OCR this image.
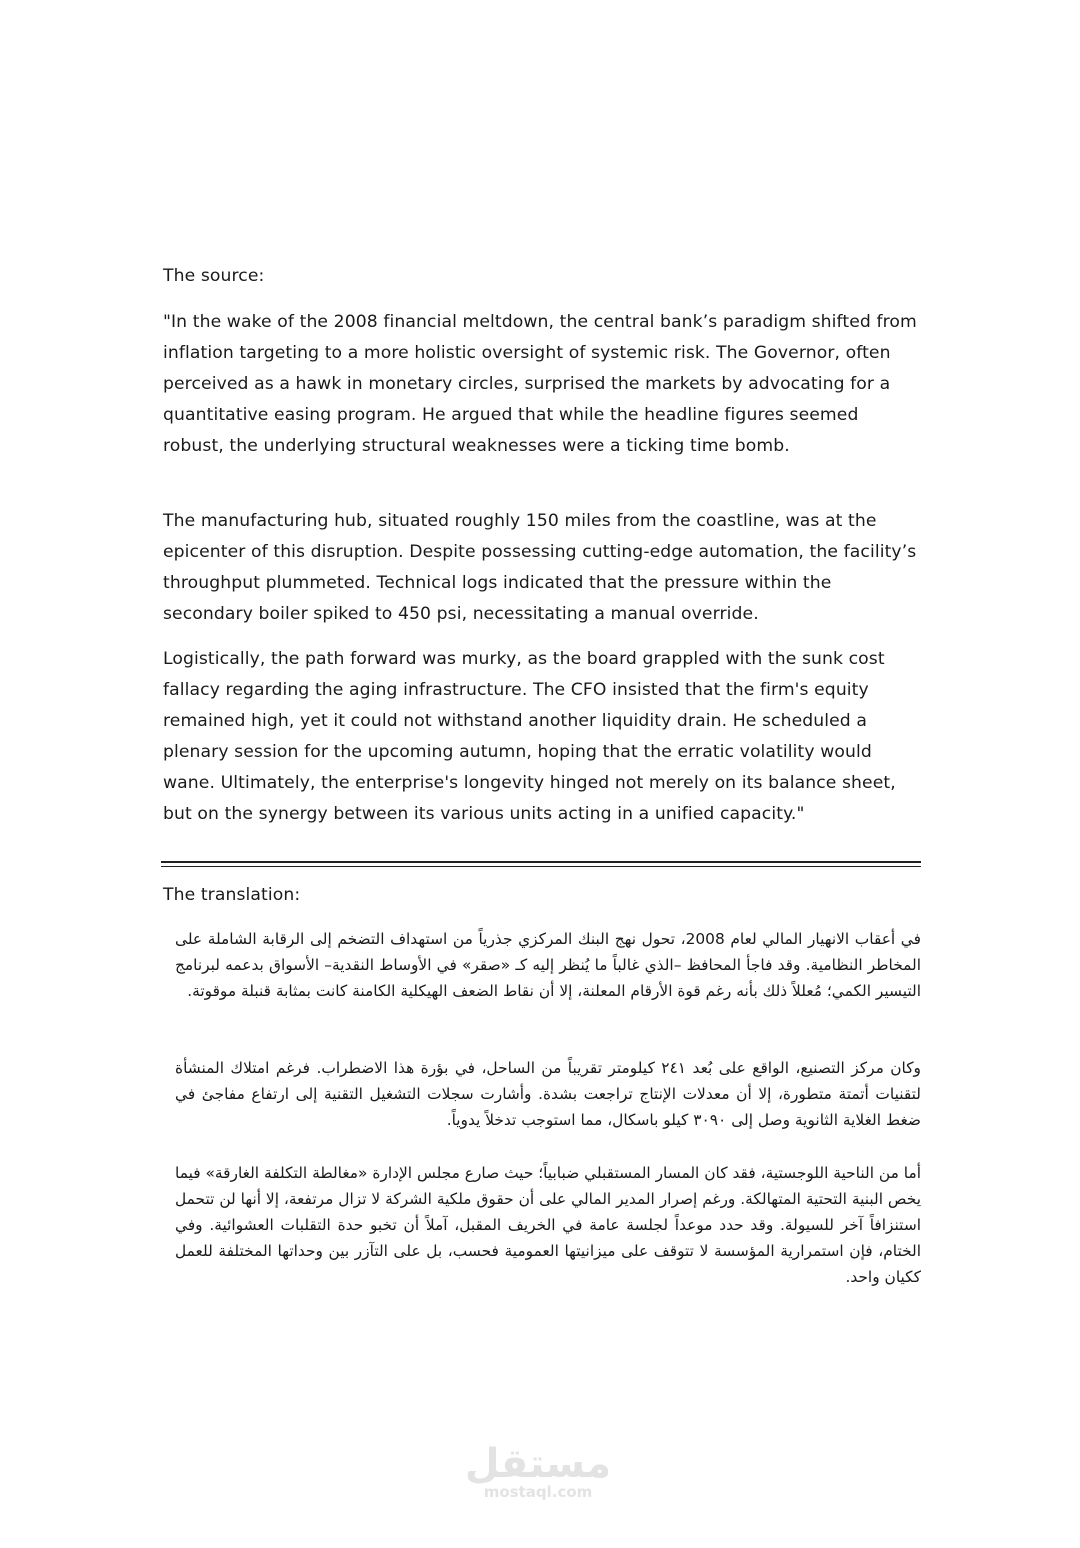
The source:

"In the wake of the 2008 financial meltdown, the central bank’s paradigm shifted from inflation targeting to a more holistic oversight of systemic risk. The Governor, often perceived as a hawk in monetary circles, surprised the markets by advocating for a quantitative easing program. He argued that while the headline figures seemed robust, the underlying structural weaknesses were a ticking time bomb.

The manufacturing hub, situated roughly 150 miles from the coastline, was at the epicenter of this disruption. Despite possessing cutting-edge automation, the facility’s throughput plummeted. Technical logs indicated that the pressure within the secondary boiler spiked to 450 psi, necessitating a manual override.

Logistically, the path forward was murky, as the board grappled with the sunk cost fallacy regarding the aging infrastructure. The CFO insisted that the firm's equity remained high, yet it could not withstand another liquidity drain. He scheduled a plenary session for the upcoming autumn, hoping that the erratic volatility would wane. Ultimately, the enterprise's longevity hinged not merely on its balance sheet, but on the synergy between its various units acting in a unified capacity."

The translation:

في أعقاب الانهيار المالي لعام 2008، تحول نهج البنك المركزي جذرياً من استهداف التضخم إلى الرقابة الشاملة على المخاطر النظامية. وقد فاجأ المحافظ –الذي غالباً ما يُنظر إليه كـ «صقر» في الأوساط النقدية– الأسواق بدعمه لبرنامج التيسير الكمي؛ مُعللاً ذلك بأنه رغم قوة الأرقام المعلنة، إلا أن نقاط الضعف الهيكلية الكامنة كانت بمثابة قنبلة موقوتة.

وكان مركز التصنيع، الواقع على بُعد ٢٤١ كيلومتر تقريباً من الساحل، في بؤرة هذا الاضطراب. فرغم امتلاك المنشأة لتقنيات أتمتة متطورة، إلا أن معدلات الإنتاج تراجعت بشدة. وأشارت سجلات التشغيل التقنية إلى ارتفاع مفاجئ في ضغط الغلاية الثانوية وصل إلى ٣٠٩٠ كيلو باسكال، مما استوجب تدخلاً يدوياً.

أما من الناحية اللوجستية، فقد كان المسار المستقبلي ضبابياً؛ حيث صارع مجلس الإدارة «مغالطة التكلفة الغارقة» فيما يخص البنية التحتية المتهالكة. ورغم إصرار المدير المالي على أن حقوق ملكية الشركة لا تزال مرتفعة، إلا أنها لن تتحمل استنزافاً آخر للسيولة. وقد حدد موعداً لجلسة عامة في الخريف المقبل، آملاً أن تخبو حدة التقلبات العشوائية. وفي الختام، فإن استمرارية المؤسسة لا تتوقف على ميزانيتها العمومية فحسب، بل على التآزر بين وحداتها المختلفة للعمل ككيان واحد.

مستقل
mostaql.com
